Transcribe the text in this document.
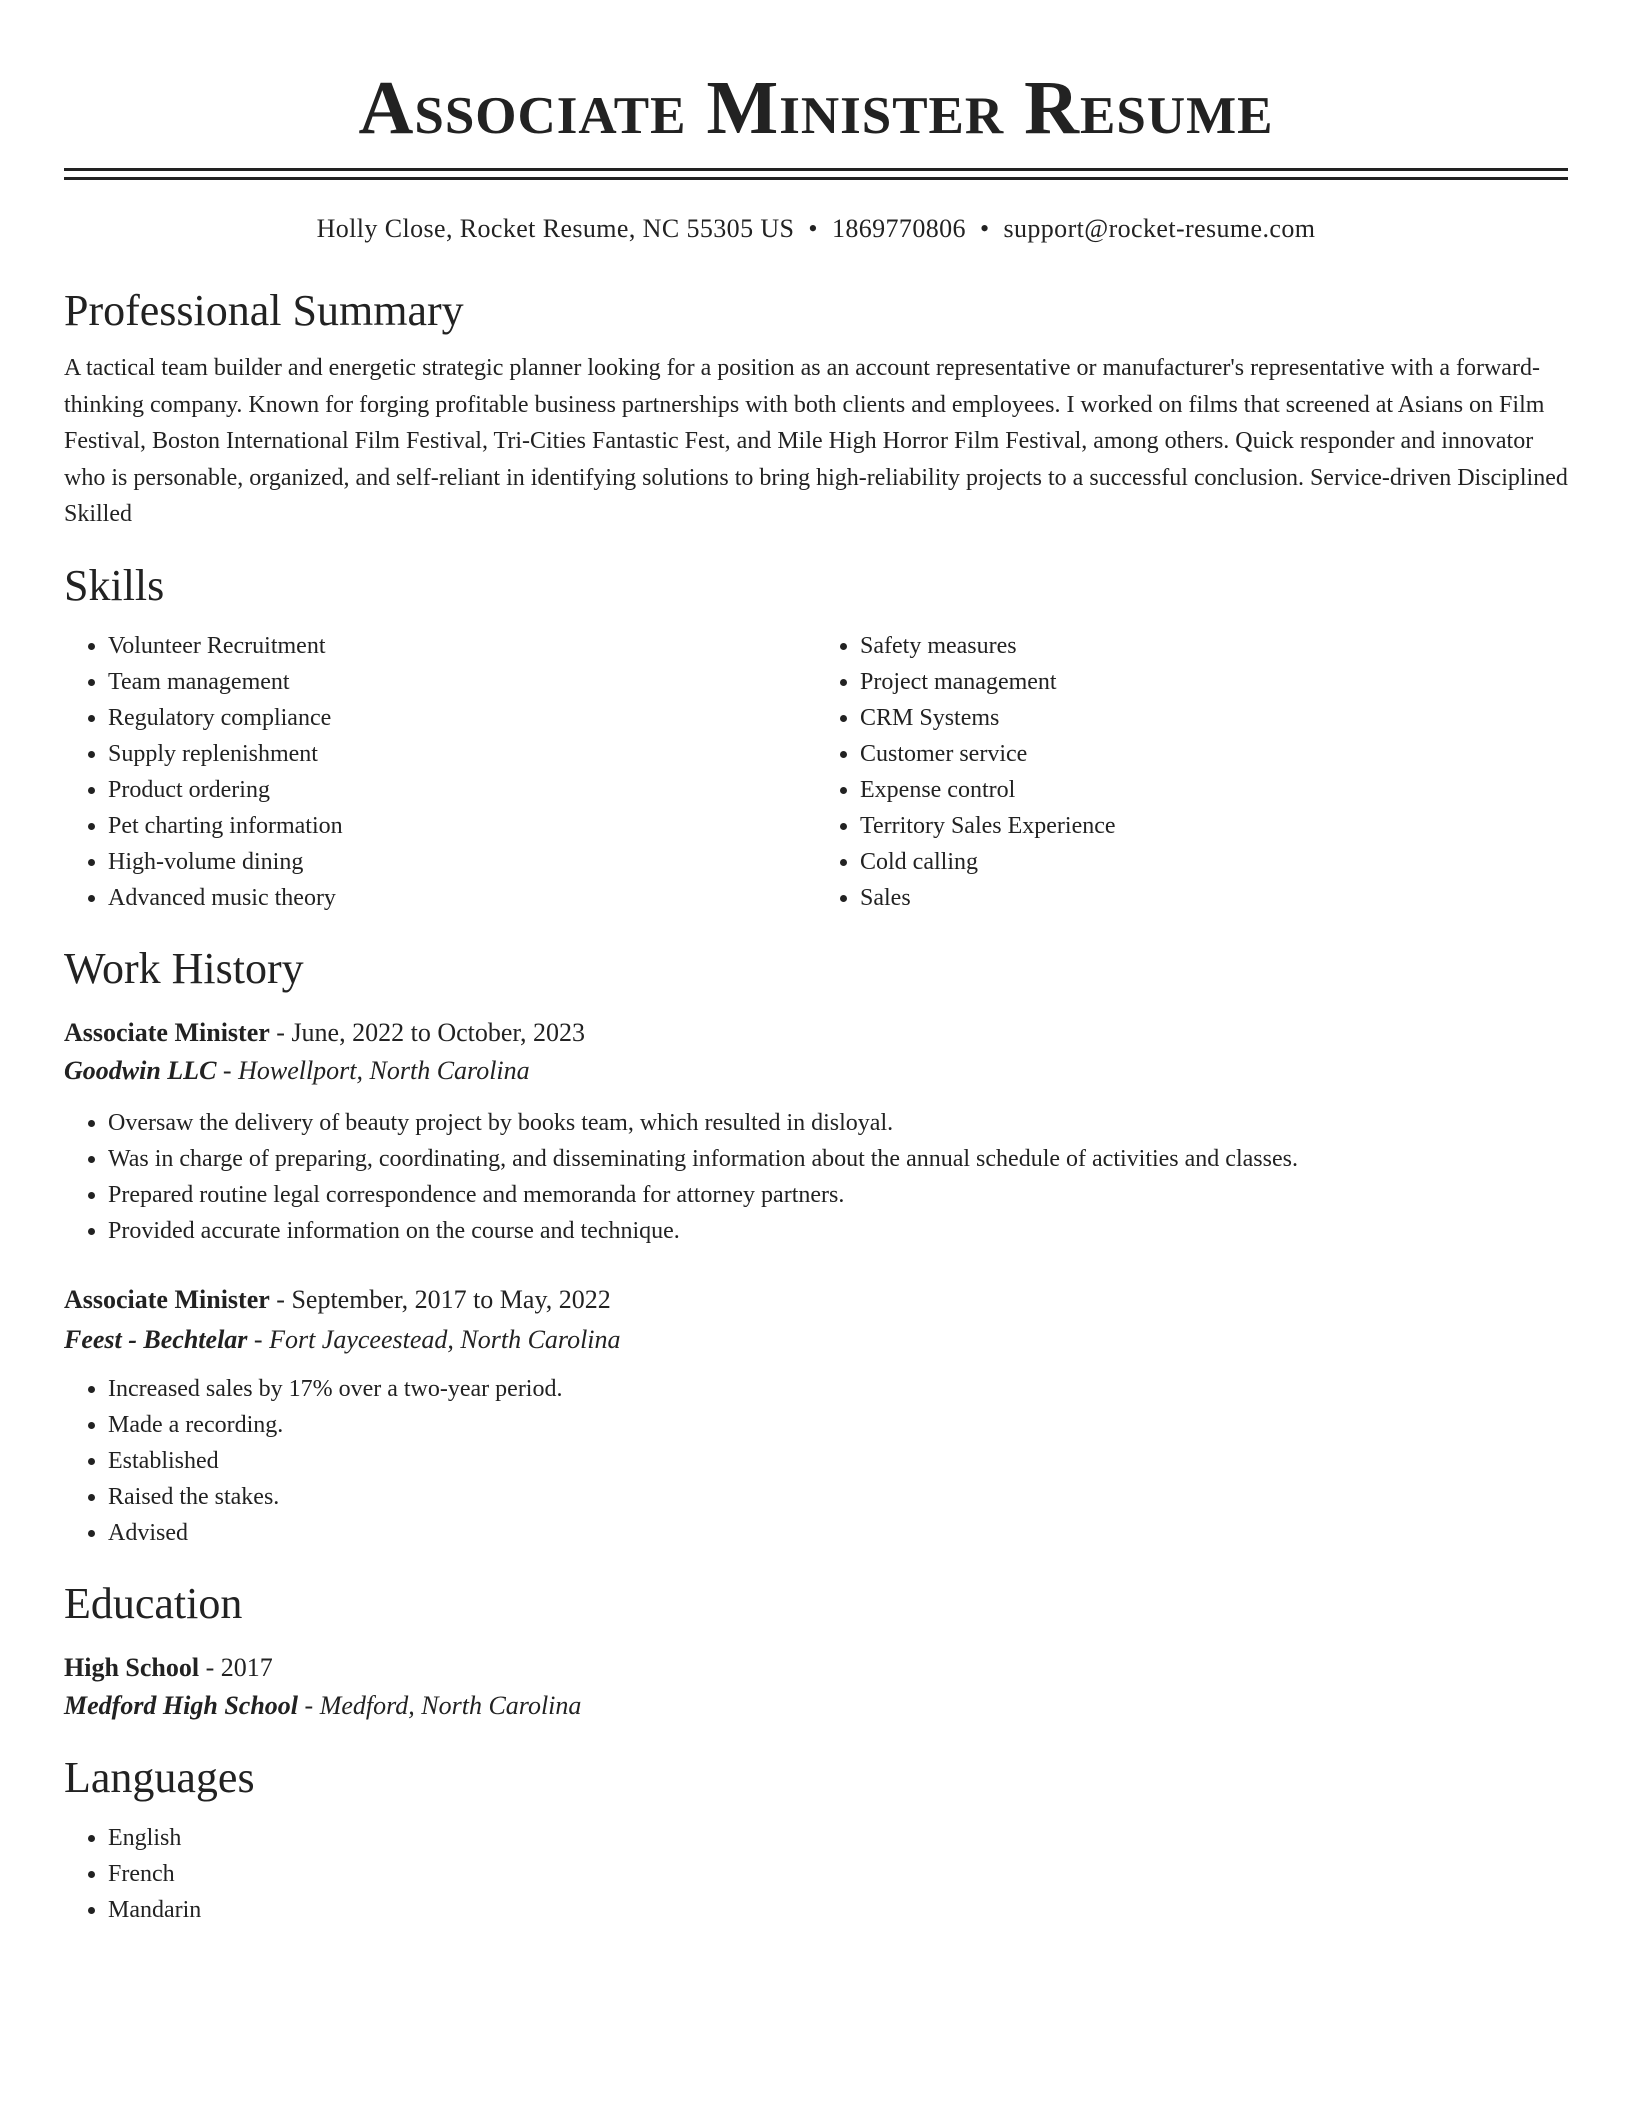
Associate Minister Resume
Holly Close, Rocket Resume, NC 55305 US • 1869770806 • support@rocket-resume.com
Professional Summary

A tactical team builder and energetic strategic planner looking for a position as an account representative or manufacturer's representative with a forward-thinking company. Known for forging profitable business partnerships with both clients and employees. I worked on films that screened at Asians on Film Festival, Boston International Film Festival, Tri-Cities Fantastic Fest, and Mile High Horror Film Festival, among others. Quick responder and innovator who is personable, organized, and self-reliant in identifying solutions to bring high-reliability projects to a successful conclusion. Service-driven Disciplined Skilled

Skills
• Volunteer Recruitment
• Team management
• Regulatory compliance
• Supply replenishment
• Product ordering
• Pet charting information
• High-volume dining
• Advanced music theory
• Safety measures
• Project management
• CRM Systems
• Customer service
• Expense control
• Territory Sales Experience
• Cold calling
• Sales
Work History
Associate Minister - June, 2022 to October, 2023
Goodwin LLC - Howellport, North Carolina
• Oversaw the delivery of beauty project by books team, which resulted in disloyal.
• Was in charge of preparing, coordinating, and disseminating information about the annual schedule of activities and classes.
• Prepared routine legal correspondence and memoranda for attorney partners.
• Provided accurate information on the course and technique.
Associate Minister - September, 2017 to May, 2022
Feest - Bechtelar - Fort Jayceestead, North Carolina
• Increased sales by 17% over a two-year period.
• Made a recording.
• Established
• Raised the stakes.
• Advised
Education
High School - 2017
Medford High School - Medford, North Carolina
Languages
• English
• French
• Mandarin
